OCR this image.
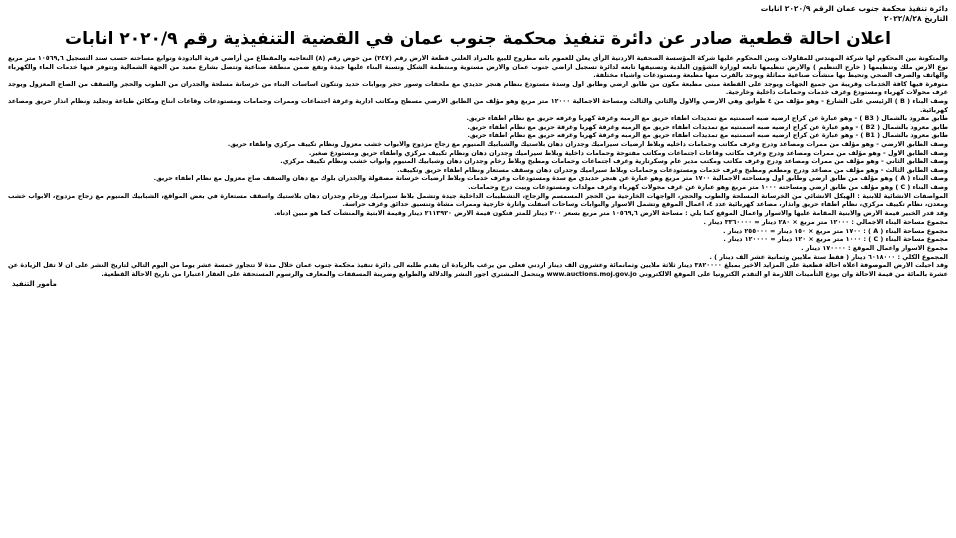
دائرة تنفيذ محكمة جنوب عمان الرقم ٢٠٢٠/٩ انابات
التاريخ ٢٠٢٢/٨/٢٨
اعلان احالة قطعية صادر عن دائرة تنفيذ محكمة جنوب عمان في القضية التنفيذية رقم ٢٠٢٠/٩ انابات

والمتكونة بين المحكوم لها شركة المهندس للمقاولات وبين المحكوم عليها شركة المؤسسة الصحفية الاردنية الرأي يعلن للعموم بانه مطروح للبيع بالمزاد العلني قطعة الارض رقم (٢٤٧) من حوض رقم (٨) النعاجيه والمقطاع من أراضي قرية اليادودة وتوابع مساحته حسب سند التسجيل ١٠٥٦٩,٦ متر مربع نوع الارض ملك وتنظيمها ( خارج التنظيم ) والارض تنظيمها تابعه لوزارة الشؤون البلدية وتصنيفها تابعه لدائرة تسجيل اراضي جنوب عمان والارض مستوية ومنتظمة الشكل ونسبة البناء عليها جيدة وتقع ضمن منطقة صناعية وتتصل بشارع معبد من الجهة الشمالية وتتوفر فيها خدمات الماء والكهرباء والهاتف والصرف الصحي وتحيط بها منشآت صناعية مماثلة ويوجد بالقرب منها مطبعة ومستودعات واشياء مختلفة.

متوفرة فيها كافة الخدمات وقريبة من جميع الجهات ويوجد على القطعة مبنى مطبعة مكون من طابق ارضي وطابق اول وسدة مستودع بنظام هنجر حديدي مع ملحقات وسور حجر وبوابات حديد وتتكون اساسات البناء من خرسانة مسلحة والجدران من الطوب والحجر والسقف من الصاج المعزول ويوجد غرف محولات كهرباء ومستودع وغرف خدمات وحمامات داخلية وخارجية.

وصف البناء ( B ) الرئيسي على الشارع - وهو مؤلف من ٤ طوابق وهي الارضي والاول والثاني والثالث ومساحة الاجمالية ١٢٠٠٠ متر مربع وهو مؤلف من الطابق الارضي مسطح ومكاتب ادارية وغرفة اجتماعات وممرات وحمامات ومستودعات وقاعات انتاج ومكائن طباعة وتجليد ونظام انذار حريق ومصاعد كهربائية.

طابق مفرود بالشمال ( B3 ) - وهو عبارة عن كراج ارضيه صبه اسمنتيه مع تمديدات اطفاء حريق مع الرمبه وغرفة كهربا وغرفه حريق مع نظام اطفاء حريق.

طابق معرود بالشمال ( B2 ) - وهو عبارة عن كراج ارضيه صبه اسمنتيه مع تمديدات اطفاء حريق مع الرمبه وغرفة كهربا وغرفة حريق مع نظام اطفاء حريق.

طابق معرود بالشمال ( B1 ) - وهو عبارة عن كراج ارضيه صبه اسمنتيه مع تمديدات اطفاء حريق مع الرمبه وغرفة كهربا وغرفه حريق مع نظام اطفاء حريق.

وصف الطابق الارضي - وهو مؤلف من ممرات ومصاعد ودرج وغرف مكاتب وحمامات داخليه وبلاط ارضيات سيراميك وجدران دهان بلاستيك والشبابيك المنيوم مع زجاج مزدوج والابواب خشب معزول ونظام تكييف مركزي واطفاء حريق.

وصف الطابق الاول - وهو مؤلف من ممرات ومصاعد ودرج وغرف مكاتب وقاعات اجتماعات ومكاتب مفتوحة وحمامات داخلية وبلاط سيراميك وجدران دهان ونظام تكييف مركزي واطفاء حريق ومستودع صغير.

وصف الطابق الثاني - وهو مؤلف من ممرات ومصاعد ودرج وغرف مكاتب ومكتب مدير عام وسكرتارية وغرف اجتماعات وحمامات ومطبخ وبلاط رخام وجدران دهان وشبابيك المنيوم وابواب خشب ونظام تكييف مركزي.

وصف الطابق الثالث - وهو مؤلف من مصاعد ودرج ومطعم ومطبخ وغرف خدمات ومستودعات وحمامات وبلاط سيراميك وجدران دهان وسقف مستعار ونظام اطفاء حريق وتكييف.

وصف البناء ( A ) وهو مؤلف من طابق ارضي وطابق اول ومساحته الاجمالية ١٧٠٠ متر مربع وهو عبارة عن هنجر حديدي مع سدة ومستودعات وغرف خدمات وبلاط ارضيات خرسانة مصقولة والجدران بلوك مع دهان والسقف صاج معزول مع نظام اطفاء حريق.

وصف البناء ( C ) وهو مؤلف من طابق ارضي ومساحته ١٠٠٠ متر مربع وهو عبارة عن غرف محولات كهرباء وغرف مولدات ومستودعات وبيت درج وحمامات.

المواصفات الانشائية للابنية : الهيكل الانشائي من الخرسانة المسلحة والطوب والحجر، الواجهات الخارجية من الحجر المسمسم والزجاج، التشطيبات الداخلية جيدة وتشمل بلاط سيراميك ورخام وجدران دهان بلاستيك واسقف مستعارة في بعض المواقع، الشبابيك المنيوم مع زجاج مزدوج، الابواب خشب ومعدن، نظام تكييف مركزي، نظام اطفاء حريق وانذار، مصاعد كهربائية عدد ٤، اعمال الموقع وتشمل الاسوار والبوابات وساحات اسفلت وانارة خارجية وممرات مشاة وتنسيق حدائق وغرف حراسة.

وقد قدر الخبير قيمة الارض والابنية المقامة عليها والاسوار واعمال الموقع كما يلي : مساحة الارض ١٠٥٦٩,٦ متر مربع بسعر ٢٠٠ دينار للمتر فتكون قيمة الارض ٢١١٣٩٢٠ دينار وقيمة الابنية والمنشآت كما هو مبين ادناه.

مجموع مساحة البناء الاجمالي : ١٢٠٠٠ متر مربع × ٢٨٠ دينار = ٣٣٦٠٠٠٠ دينار .
مجموع مساحة البناء ( A ) : ١٧٠٠ متر مربع × ١٥٠ دينار = ٢٥٥٠٠٠ دينار .
مجموع مساحة البناء ( C ) : ١٠٠٠ متر مربع × ١٢٠ دينار = ١٢٠٠٠٠ دينار .
مجموع الاسوار واعمال الموقع : ١٧٠٠٠٠ دينار .
المجموع الكلي : ٦٠١٨٠٠٠ دينار ( فقط ستة ملايين وثمانية عشر الف دينار ) .
وقد احيلت الارض الموصوفة اعلاه احالة قطعية على المزايد الاخير بمبلغ ٣٨٢٠٠٠٠ دينار ثلاثة ملايين وثمانمائة وعشرون الف دينار اردني فعلى من يرغب بالزيادة ان يقدم طلبه الى دائرة تنفيذ محكمة جنوب عمان خلال مدة لا تتجاوز خمسة عشر يوما من اليوم التالي لتاريخ النشر على ان لا تقل الزيادة عن عشرة بالمائة من قيمة الاحالة وان يودع التأمينات اللازمة او التقدم الكترونيا على الموقع الالكتروني www.auctions.moj.gov.jo ويتحمل المشتري اجور النشر والدلالة والطوابع وضريبة المسقفات والمعارف والرسوم المستحقة على العقار اعتبارا من تاريخ الاحالة القطعية.
مأمور التنفيذ
